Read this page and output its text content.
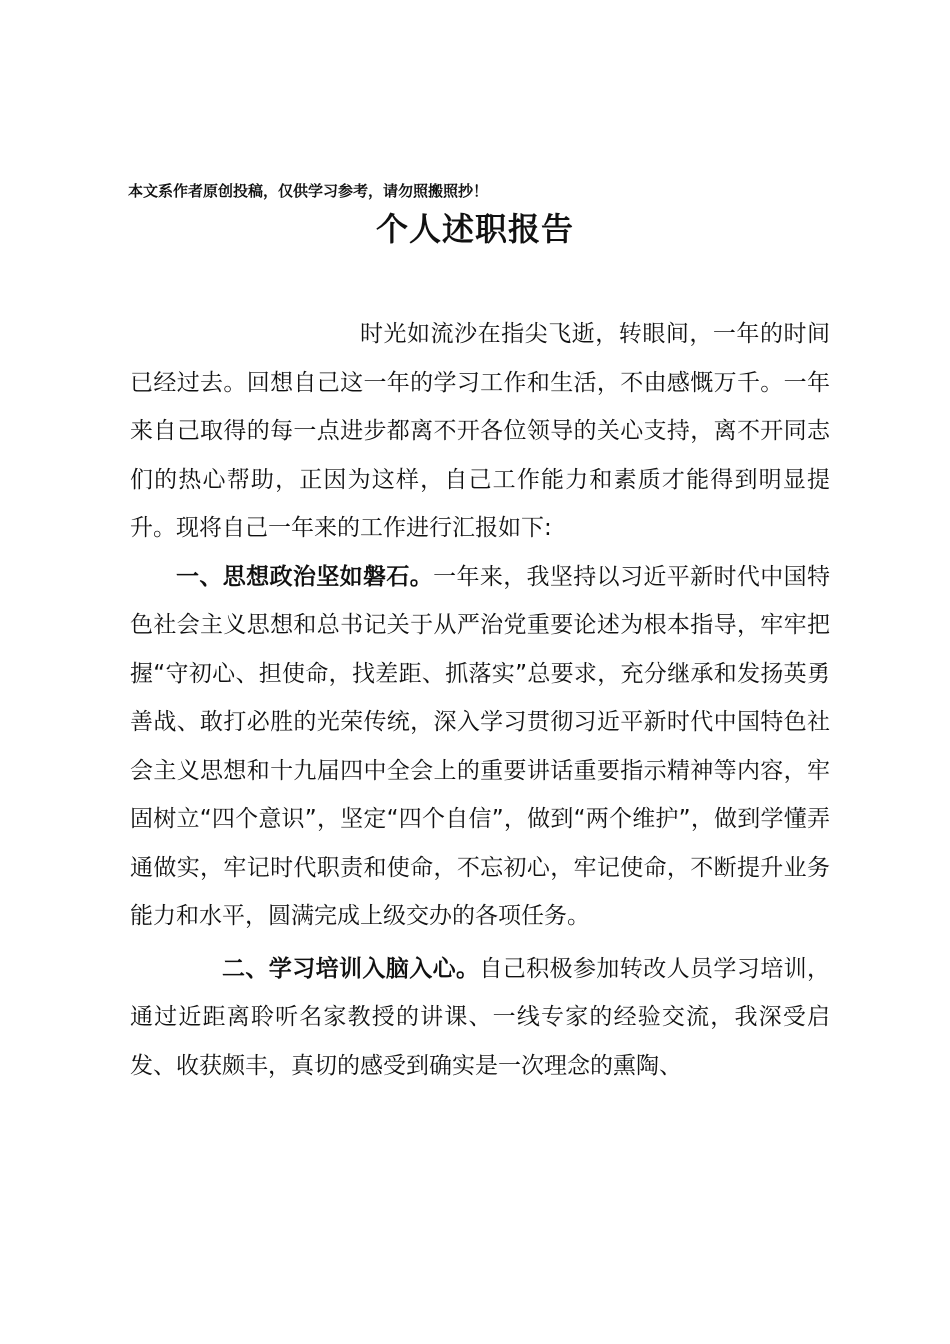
本文系作者原创投稿，仅供学习参考，请勿照搬照抄！
个人述职报告

时光如流沙在指尖飞逝，转眼间，一年的时间已经过去。回想自己这一年的学习工作和生活，不由感慨万千。一年来自己取得的每一点进步都离不开各位领导的关心支持，离不开同志们的热心帮助，正因为这样，自己工作能力和素质才能得到明显提升。现将自己一年来的工作进行汇报如下:

一、思想政治坚如磐石。一年来，我坚持以习近平新时代中国特色社会主义思想和总书记关于从严治党重要论述为根本指导，牢牢把握“守初心、担使命，找差距、抓落实”总要求，充分继承和发扬英勇善战、敢打必胜的光荣传统，深入学习贯彻习近平新时代中国特色社会主义思想和十九届四中全会上的重要讲话重要指示精神等内容，牢固树立“四个意识”，坚定“四个自信”，做到“两个维护”，做到学懂弄通做实，牢记时代职责和使命，不忘初心，牢记使命，不断提升业务能力和水平，圆满完成上级交办的各项任务。

二、学习培训入脑入心。自己积极参加转改人员学习培训，通过近距离聆听名家教授的讲课、一线专家的经验交流，我深受启发、收获颇丰，真切的感受到确实是一次理念的熏陶、
